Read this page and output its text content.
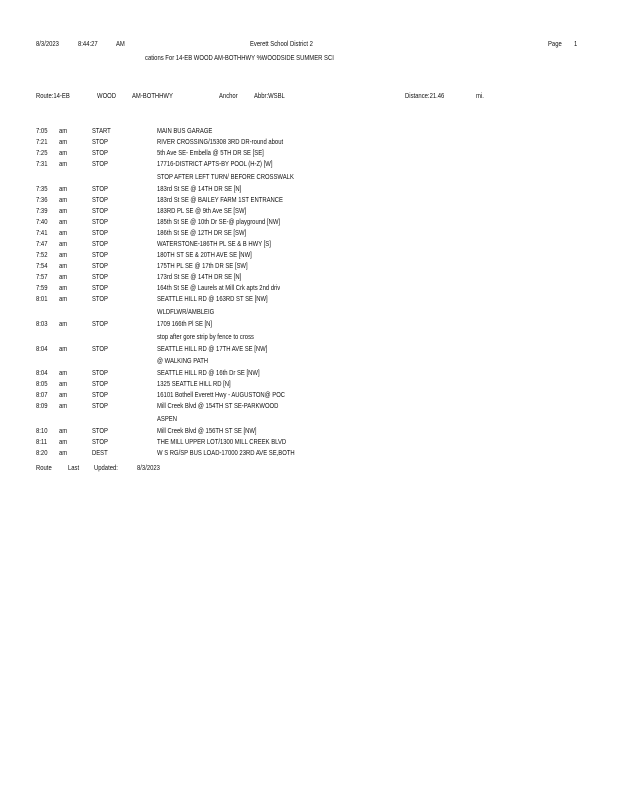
8/3/2023	8:44:27	AM	Everett School District 2	Page 1
cations For 14-EB WOOD AM-BOTHHWY %WOODSIDE SUMMER SCI
Route:14-EB	WOOD AM-BOTHHWY	Anchor Abbr:WSBL	Distance:21.46	mi.
7:05 am	START	MAIN BUS GARAGE
7:21 am	STOP	RIVER CROSSING/15308 3RD DR-round about
7:25 am	STOP	5th Ave SE- Embella @ 5TH DR SE [SE]
7:31 am	STOP	17716-DISTRICT APTS-BY POOL (H-Z) [W]
STOP AFTER LEFT TURN/ BEFORE CROSSWALK
7:35 am	STOP	183rd St SE @ 14TH DR SE [N]
7:36 am	STOP	183rd St SE @ BAILEY FARM 1ST ENTRANCE
7:39 am	STOP	183RD PL SE @ 9th Ave SE [SW]
7:40 am	STOP	185th St SE @ 10th Dr SE-@ playground [NW]
7:41 am	STOP	186th St SE @ 12TH DR SE [SW]
7:47 am	STOP	WATERSTONE-186TH PL SE & B HWY [S]
7:52 am	STOP	180TH ST SE & 20TH AVE SE [NW]
7:54 am	STOP	175TH PL SE @ 17th DR SE [SW]
7:57 am	STOP	173rd St SE @ 14TH DR SE [N]
7:59 am	STOP	164th St SE @ Laurels at Mill Crk apts 2nd driv
8:01 am	STOP	SEATTLE HILL RD @ 163RD ST SE [NW]
WLDFLWR/AMBLEIG
8:03 am	STOP	1709 166th Pl SE [N]
stop after gore strip by fence to cross
8:04 am	STOP	SEATTLE HILL RD @ 17TH AVE SE [NW]
@ WALKING PATH
8:04 am	STOP	SEATTLE HILL RD @ 16th Dr SE [NW]
8:05 am	STOP	1325 SEATTLE HILL RD [N]
8:07 am	STOP	16101 Bothell Everett Hwy - AUGUSTON@ POC
8:09 am	STOP	Mill Creek Blvd @ 154TH ST SE-PARKWOOD
ASPEN
8:10 am	STOP	Mill Creek Blvd @ 156TH ST SE [NW]
8:11 am	STOP	THE MILL UPPER LOT/1300 MILL CREEK BLVD
8:20 am	DEST	W S RG/SP BUS LOAD-17000 23RD AVE SE,BOTH
Route Last Updated:	8/3/2023
